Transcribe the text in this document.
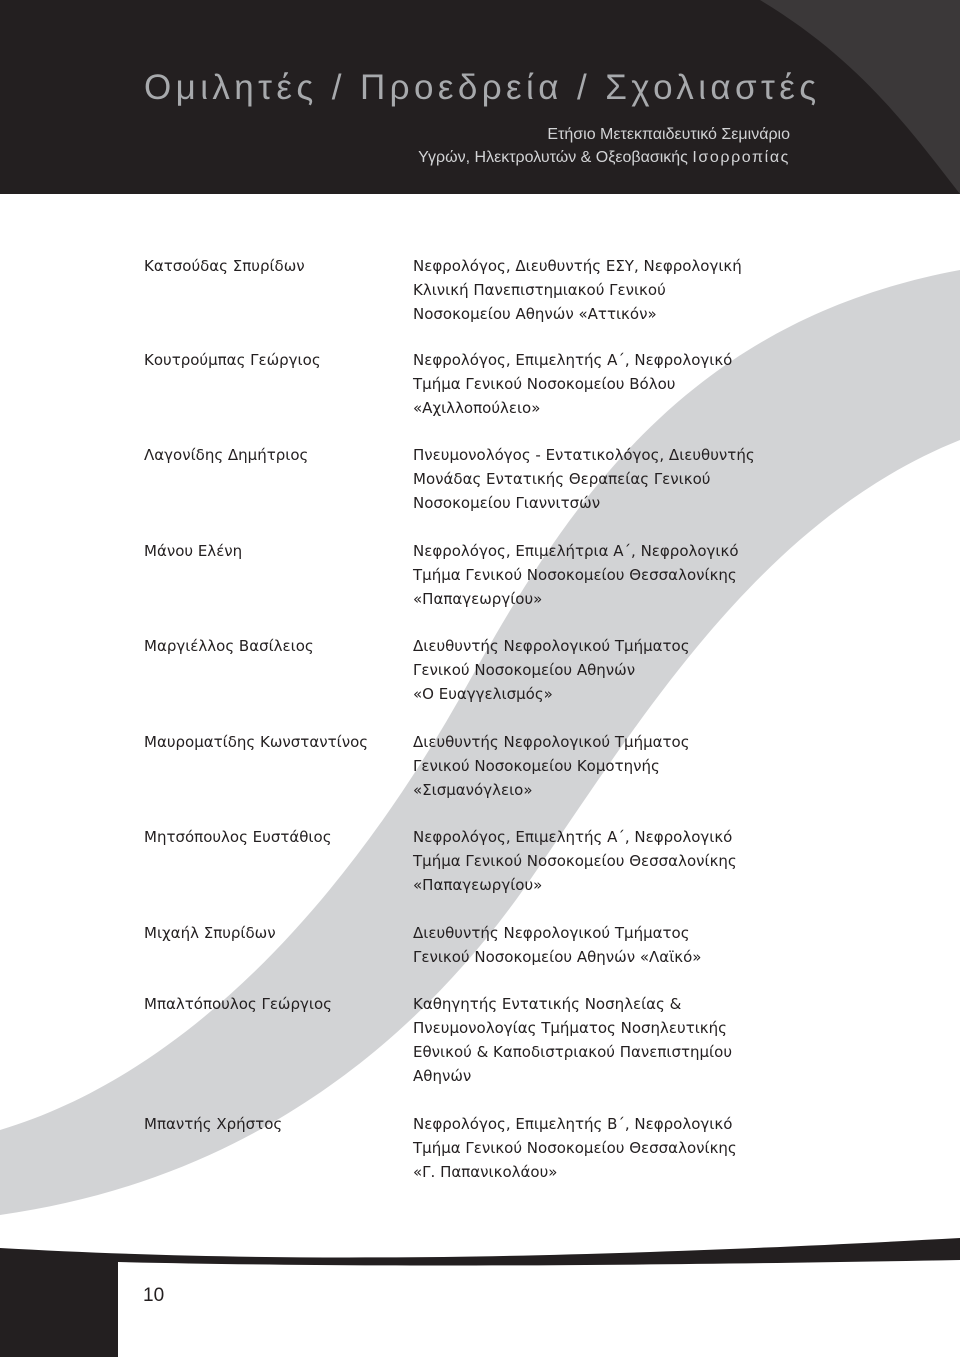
Ομιλητές / Προεδρεία / Σχολιαστές
Ετήσιο Μετεκπαιδευτικό Σεμινάριο
Υγρών, Ηλεκτρολυτών & Οξεοβασικής Ισορροπίας
Κατσούδας Σπυρίδων	Νεφρολόγος, Διευθυντής ΕΣΥ, Νεφρολογική
Κλινική Πανεπιστημιακού Γενικού
Νοσοκομείου Αθηνών «Αττικόν»
Κουτρούμπας Γεώργιος	Νεφρολόγος, Επιμελητής Α΄, Νεφρολογικό
Τμήμα Γενικού Νοσοκομείου Βόλου
«Αχιλλοπούλειο»
Λαγονίδης Δημήτριος	Πνευμονολόγος - Εντατικολόγος, Διευθυντής
Μονάδας Εντατικής Θεραπείας Γενικού
Νοσοκομείου Γιαννιτσών
Μάνου Ελένη	Νεφρολόγος, Επιμελήτρια Α΄, Νεφρολογικό
Τμήμα Γενικού Νοσοκομείου Θεσσαλονίκης
«Παπαγεωργίου»
Μαργιέλλος Βασίλειος	Διευθυντής Νεφρολογικού Τμήματος
Γενικού Νοσοκομείου Αθηνών
«Ο Ευαγγελισμός»
Μαυροματίδης Κωνσταντίνος	Διευθυντής Νεφρολογικού Τμήματος
Γενικού Νοσοκομείου Κομοτηνής
«Σισμανόγλειο»
Μητσόπουλος Ευστάθιος	Νεφρολόγος, Επιμελητής Α΄, Νεφρολογικό
Τμήμα Γενικού Νοσοκομείου Θεσσαλονίκης
«Παπαγεωργίου»
Μιχαήλ Σπυρίδων	Διευθυντής Νεφρολογικού Τμήματος
Γενικού Νοσοκομείου Αθηνών «Λαϊκό»
Μπαλτόπουλος Γεώργιος	Καθηγητής Εντατικής Νοσηλείας &
Πνευμονολογίας Τμήματος Νοσηλευτικής
Εθνικού & Καποδιστριακού Πανεπιστημίου
Αθηνών
Μπαντής Χρήστος	Νεφρολόγος, Επιμελητής Β΄, Νεφρολογικό
Τμήμα Γενικού Νοσοκομείου Θεσσαλονίκης
«Γ. Παπανικολάου»
10
